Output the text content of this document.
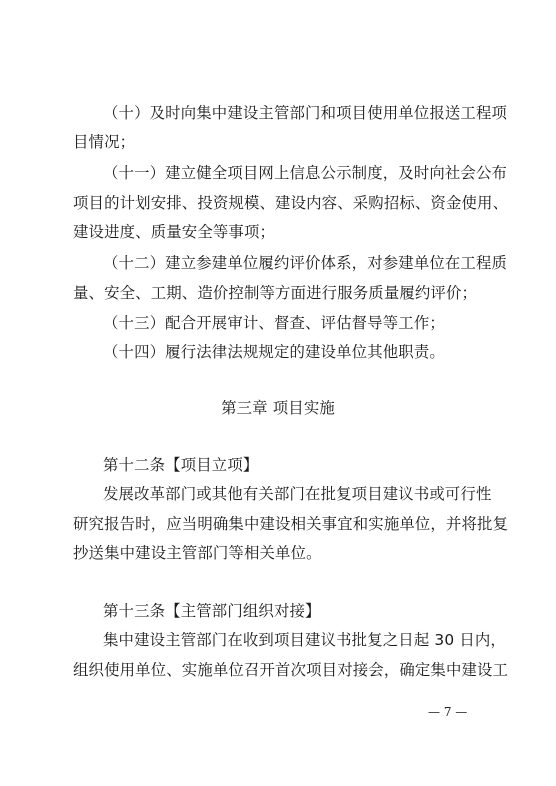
（十）及时向集中建设主管部门和项目使用单位报送工程项
目情况；
（十一）建立健全项目网上信息公示制度，及时向社会公布
项目的计划安排、投资规模、建设内容、采购招标、资金使用、
建设进度、质量安全等事项；
（十二）建立参建单位履约评价体系，对参建单位在工程质
量、安全、工期、造价控制等方面进行服务质量履约评价；
（十三）配合开展审计、督查、评估督导等工作；
（十四）履行法律法规规定的建设单位其他职责。
第三章 项目实施
第十二条【项目立项】
发展改革部门或其他有关部门在批复项目建议书或可行性
研究报告时，应当明确集中建设相关事宜和实施单位，并将批复
抄送集中建设主管部门等相关单位。
第十三条【主管部门组织对接】
集中建设主管部门在收到项目建议书批复之日起 30 日内，
组织使用单位、实施单位召开首次项目对接会，确定集中建设工
— 7 —
